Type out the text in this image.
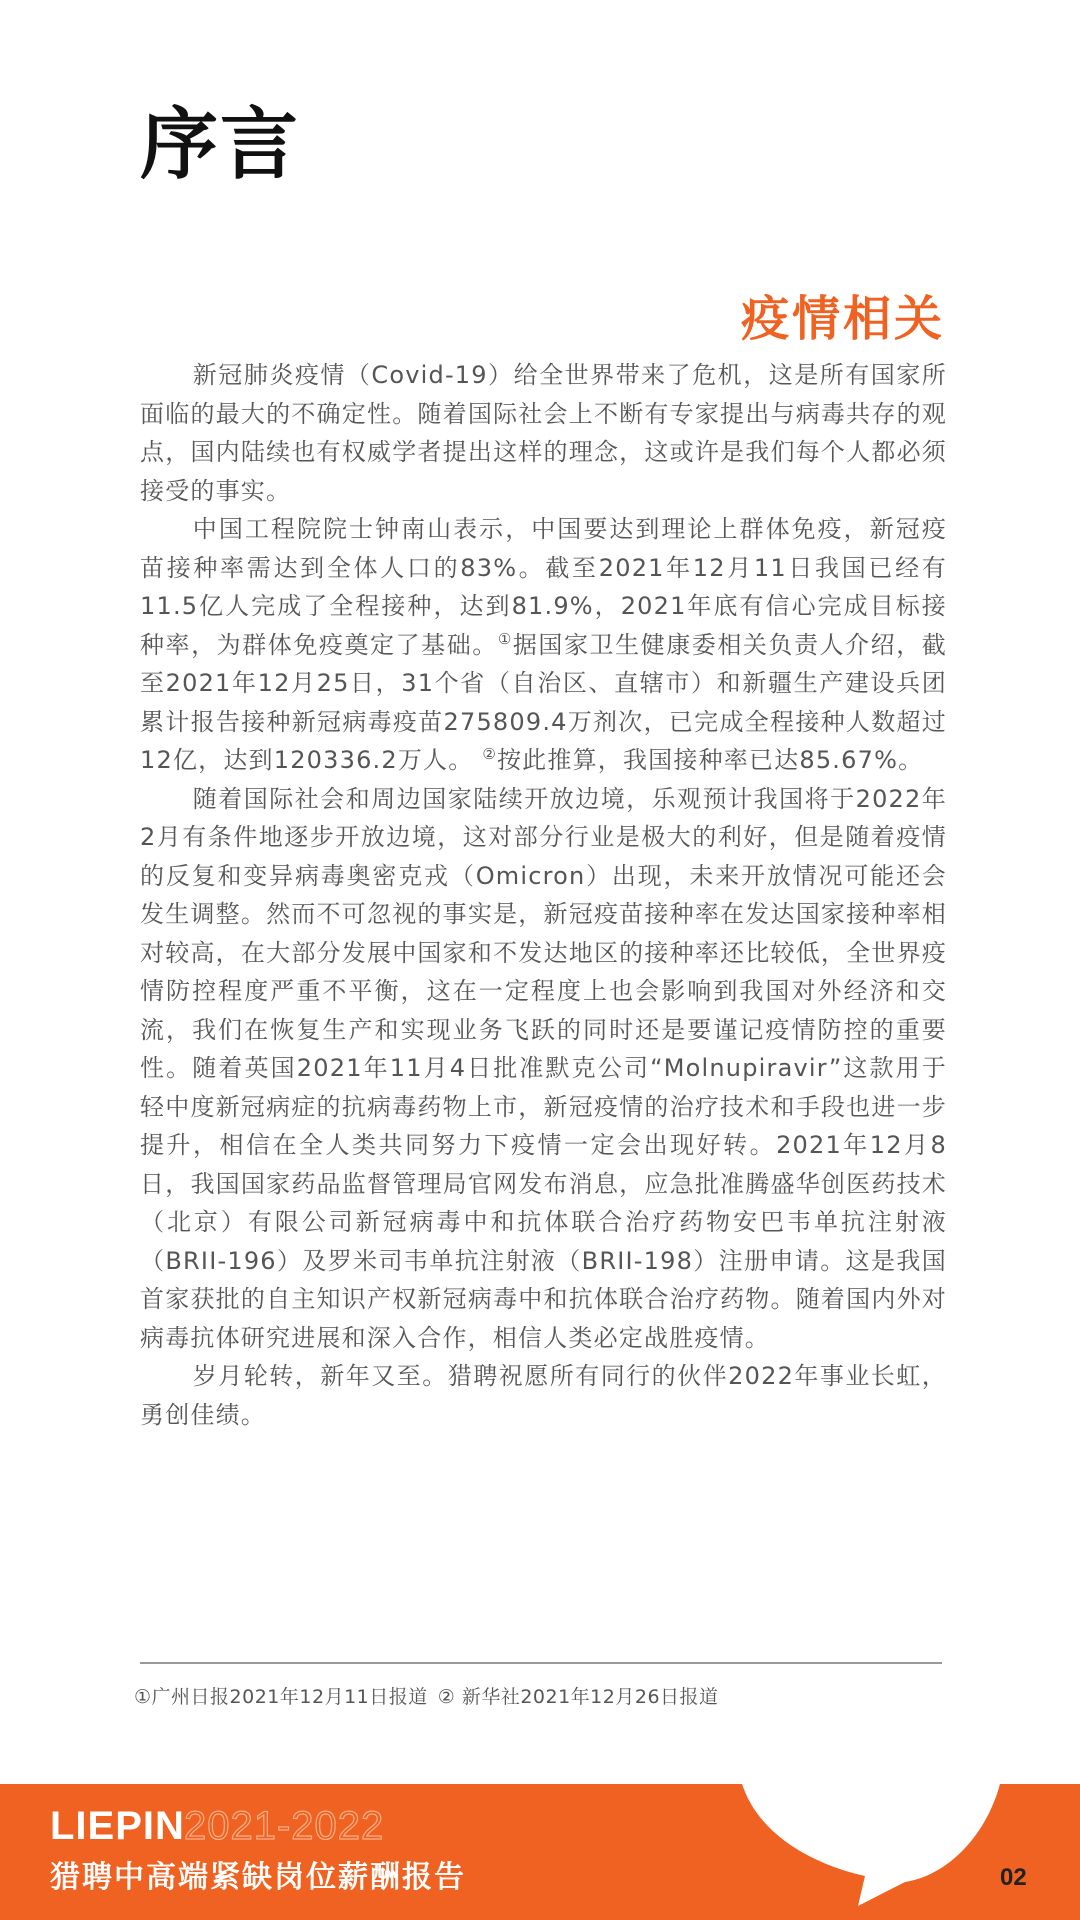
序言
疫情相关

新冠肺炎疫情（Covid-19）给全世界带来了危机，这是所有国家所面临的最大的不确定性。随着国际社会上不断有专家提出与病毒共存的观点，国内陆续也有权威学者提出这样的理念，这或许是我们每个人都必须接受的事实。

中国工程院院士钟南山表示，中国要达到理论上群体免疫，新冠疫苗接种率需达到全体人口的83%。截至2021年12月11日我国已经有11.5亿人完成了全程接种，达到81.9%，2021年底有信心完成目标接种率，为群体免疫奠定了基础。①据国家卫生健康委相关负责人介绍，截至2021年12月25日，31个省（自治区、直辖市）和新疆生产建设兵团累计报告接种新冠病毒疫苗275809.4万剂次，已完成全程接种人数超过12亿，达到120336.2万人。 ②按此推算，我国接种率已达85.67%。

随着国际社会和周边国家陆续开放边境，乐观预计我国将于2022年2月有条件地逐步开放边境，这对部分行业是极大的利好，但是随着疫情的反复和变异病毒奥密克戎（Omicron）出现，未来开放情况可能还会发生调整。然而不可忽视的事实是，新冠疫苗接种率在发达国家接种率相对较高，在大部分发展中国家和不发达地区的接种率还比较低，全世界疫情防控程度严重不平衡，这在一定程度上也会影响到我国对外经济和交流，我们在恢复生产和实现业务飞跃的同时还是要谨记疫情防控的重要性。随着英国2021年11月4日批准默克公司“Molnupiravir”这款用于轻中度新冠病症的抗病毒药物上市，新冠疫情的治疗技术和手段也进一步提升，相信在全人类共同努力下疫情一定会出现好转。2021年12月8日，我国国家药品监督管理局官网发布消息，应急批准腾盛华创医药技术（北京）有限公司新冠病毒中和抗体联合治疗药物安巴韦单抗注射液（BRII-196）及罗米司韦单抗注射液（BRII-198）注册申请。这是我国首家获批的自主知识产权新冠病毒中和抗体联合治疗药物。随着国内外对病毒抗体研究进展和深入合作，相信人类必定战胜疫情。

岁月轮转，新年又至。猎聘祝愿所有同行的伙伴2022年事业长虹，勇创佳绩。

①广州日报2021年12月11日报道 ② 新华社2021年12月26日报道
LIEPIN 2021-2022
猎聘中高端紧缺岗位薪酬报告	02
